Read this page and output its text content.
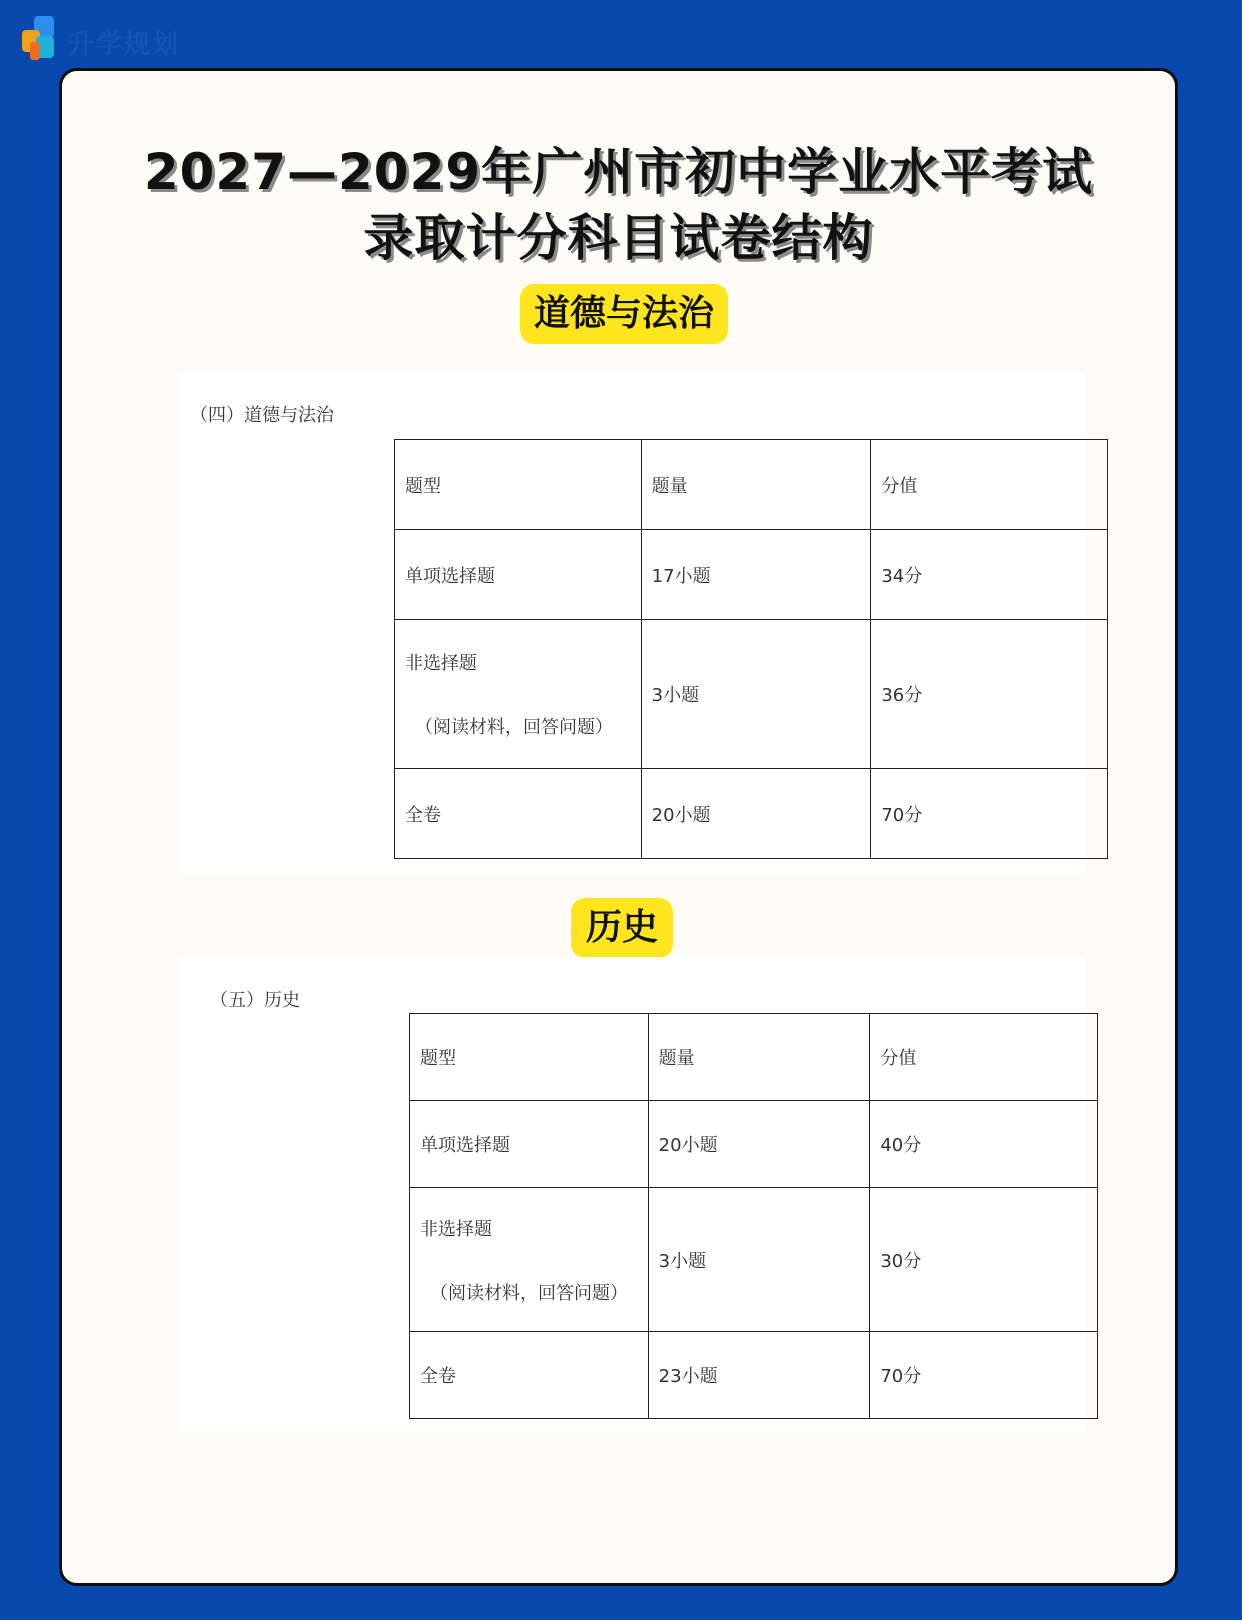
升学规划
2027—2029年广州市初中学业水平考试
录取计分科目试卷结构
道德与法治
（四）道德与法治
题型	题量	分值
单项选择题	17小题	34分

非选择题
（阅读材料，回答问题）	3小题	36分
全卷	20小题	70分
历史
（五）历史
题型	题量	分值
单项选择题	20小题	40分

非选择题
（阅读材料，回答问题）	3小题	30分
全卷	23小题	70分
